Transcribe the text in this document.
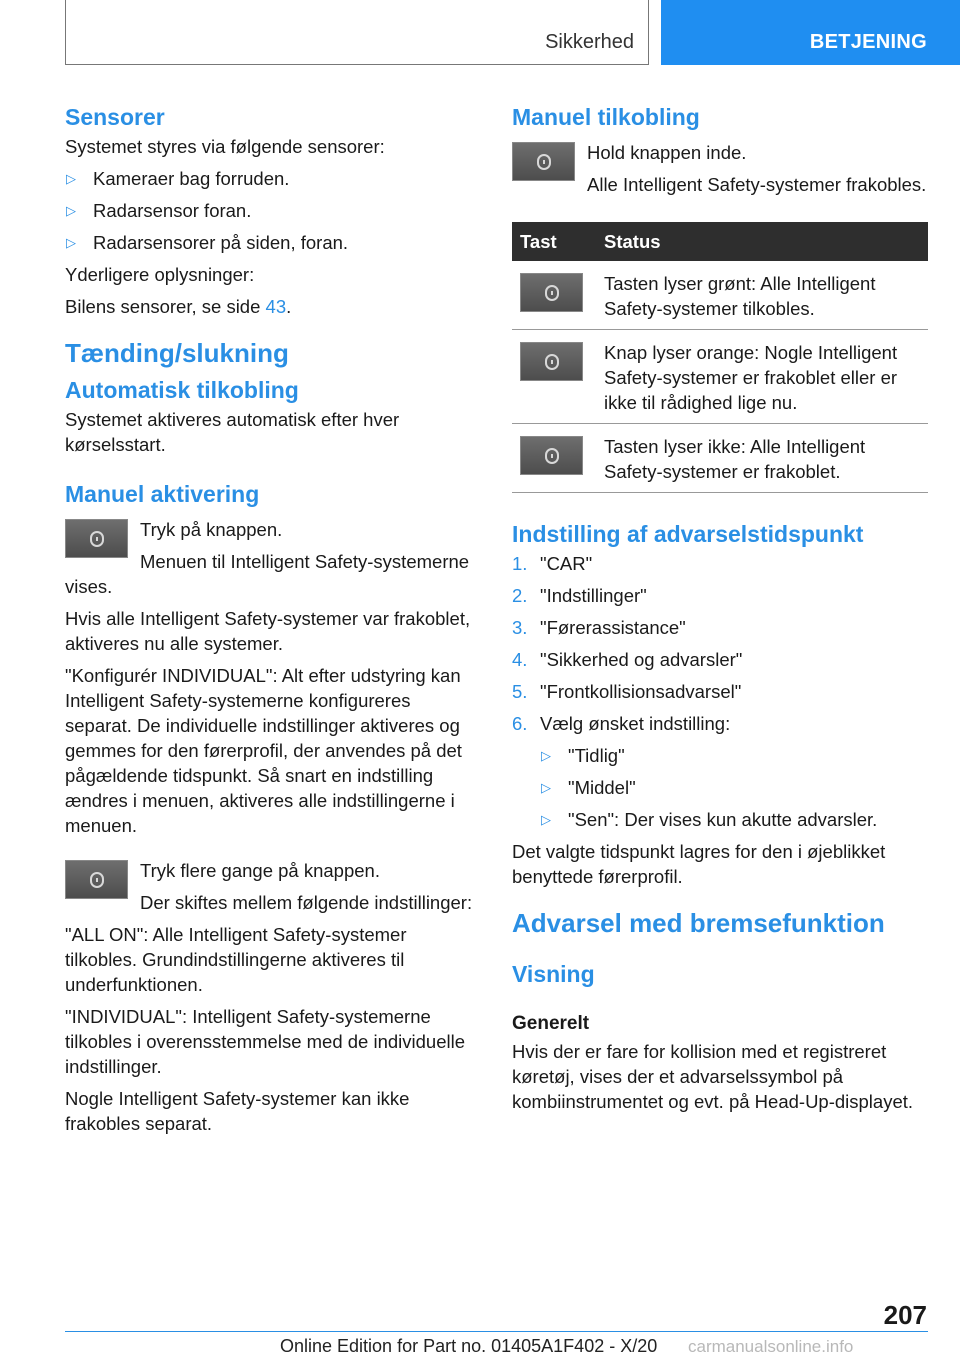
Sikkerhed	BETJENING
Sensorer

Systemet styres via følgende sensorer:

▷ Kameraer bag forruden.
▷ Radarsensor foran.
▷ Radarsensorer på siden, foran.

Yderligere oplysninger:

Bilens sensorer, se side 43.

Tænding/slukning
Automatisk tilkobling

Systemet aktiveres automatisk efter hver kørselsstart.

Manuel aktivering

Tryk på knappen.

Menuen til Intelligent Safety-systemerne vises.

Hvis alle Intelligent Safety-systemer var frakoblet, aktiveres nu alle systemer.

"Konfigurér INDIVIDUAL": Alt efter udstyring kan Intelligent Safety-systemerne konfigureres separat. De individuelle indstillinger aktiveres og gemmes for den førerprofil, der anvendes på det pågældende tidspunkt. Så snart en indstilling ændres i menuen, aktiveres alle indstillingerne i menuen.

Tryk flere gange på knappen.

Der skiftes mellem følgende indstillinger:

"ALL ON": Alle Intelligent Safety-systemer tilkobles. Grundindstillingerne aktiveres til underfunktionen.

"INDIVIDUAL": Intelligent Safety-systemerne tilkobles i overensstemmelse med de individuelle indstillinger.

Nogle Intelligent Safety-systemer kan ikke frakobles separat.

Manuel tilkobling

Hold knappen inde.

Alle Intelligent Safety-systemer frakobles.

Tast	Status

	Tasten lyser grønt: Alle Intelligent Safety-systemer tilkobles.

	Knap lyser orange: Nogle Intelligent Safety-systemer er frakoblet eller er ikke til rådighed lige nu.

	Tasten lyser ikke: Alle Intelligent Safety-systemer er frakoblet.
Indstilling af advarselstidspunkt
1. "CAR"
2. "Indstillinger"
3. "Førerassistance"
4. "Sikkerhed og advarsler"
5. "Frontkollisionsadvarsel"
6. Vælg ønsket indstilling:
▷ "Tidlig"
▷ "Middel"
▷ "Sen": Der vises kun akutte advarsler.

Det valgte tidspunkt lagres for den i øjeblikket benyttede førerprofil.

Advarsel med bremsefunktion
Visning
Generelt

Hvis der er fare for kollision med et registreret køretøj, vises der et advarselssymbol på kombiinstrumentet og evt. på Head-Up-displayet.

207
Online Edition for Part no. 01405A1F402 - X/20 carmanualsonline.info
